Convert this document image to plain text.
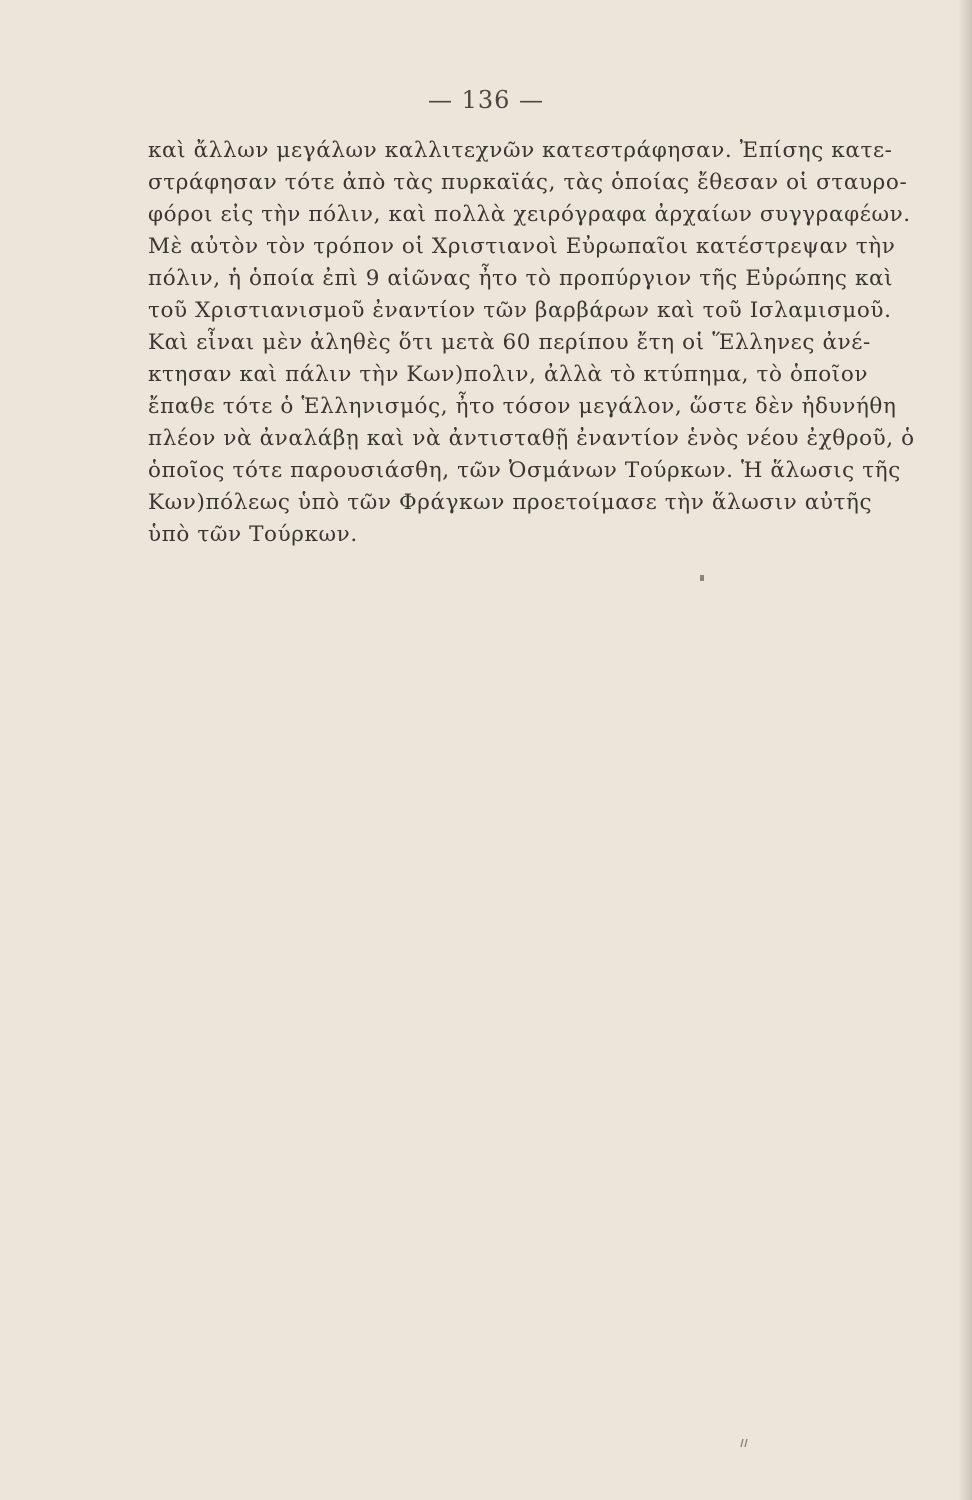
— 136 —
καὶ ἄλλων μεγάλων καλλιτεχνῶν κατεστράφησαν. Ἐπίσης κατε-
στράφησαν τότε ἀπὸ τὰς πυρκαϊάς, τὰς ὁποίας ἔθεσαν οἱ σταυρο-
φόροι εἰς τὴν πόλιν, καὶ πολλὰ χειρόγραφα ἀρχαίων συγγραφέων.
Μὲ αὐτὸν τὸν τρόπον οἱ Χριστιανοὶ Εὐρωπαῖοι κατέστρεψαν τὴν
πόλιν, ἡ ὁποία ἐπὶ 9 αἰῶνας ἦτο τὸ προπύργιον τῆς Εὐρώπης καὶ
τοῦ Χριστιανισμοῦ ἐναντίον τῶν βαρβάρων καὶ τοῦ Ισλαμισμοῦ.
Καὶ εἶναι μὲν ἀληθὲς ὅτι μετὰ 60 περίπου ἔτη οἱ Ἕλληνες ἀνέ-
κτησαν καὶ πάλιν τὴν Κων)πολιν, ἀλλὰ τὸ κτύπημα, τὸ ὁποῖον
ἔπαθε τότε ὁ Ἑλληνισμός, ἦτο τόσον μεγάλον, ὥστε δὲν ἠδυνήθη
πλέον νὰ ἀναλάβῃ καὶ νὰ ἀντισταθῇ ἐναντίον ἑνὸς νέου ἐχθροῦ, ὁ
ὁποῖος τότε παρουσιάσθη, τῶν Ὀσμάνων Τούρκων. Ἡ ἅλωσις τῆς
Κων)πόλεως ὑπὸ τῶν Φράγκων προετοίμασε τὴν ἅλωσιν αὐτῆς
ὑπὸ τῶν Τούρκων.
